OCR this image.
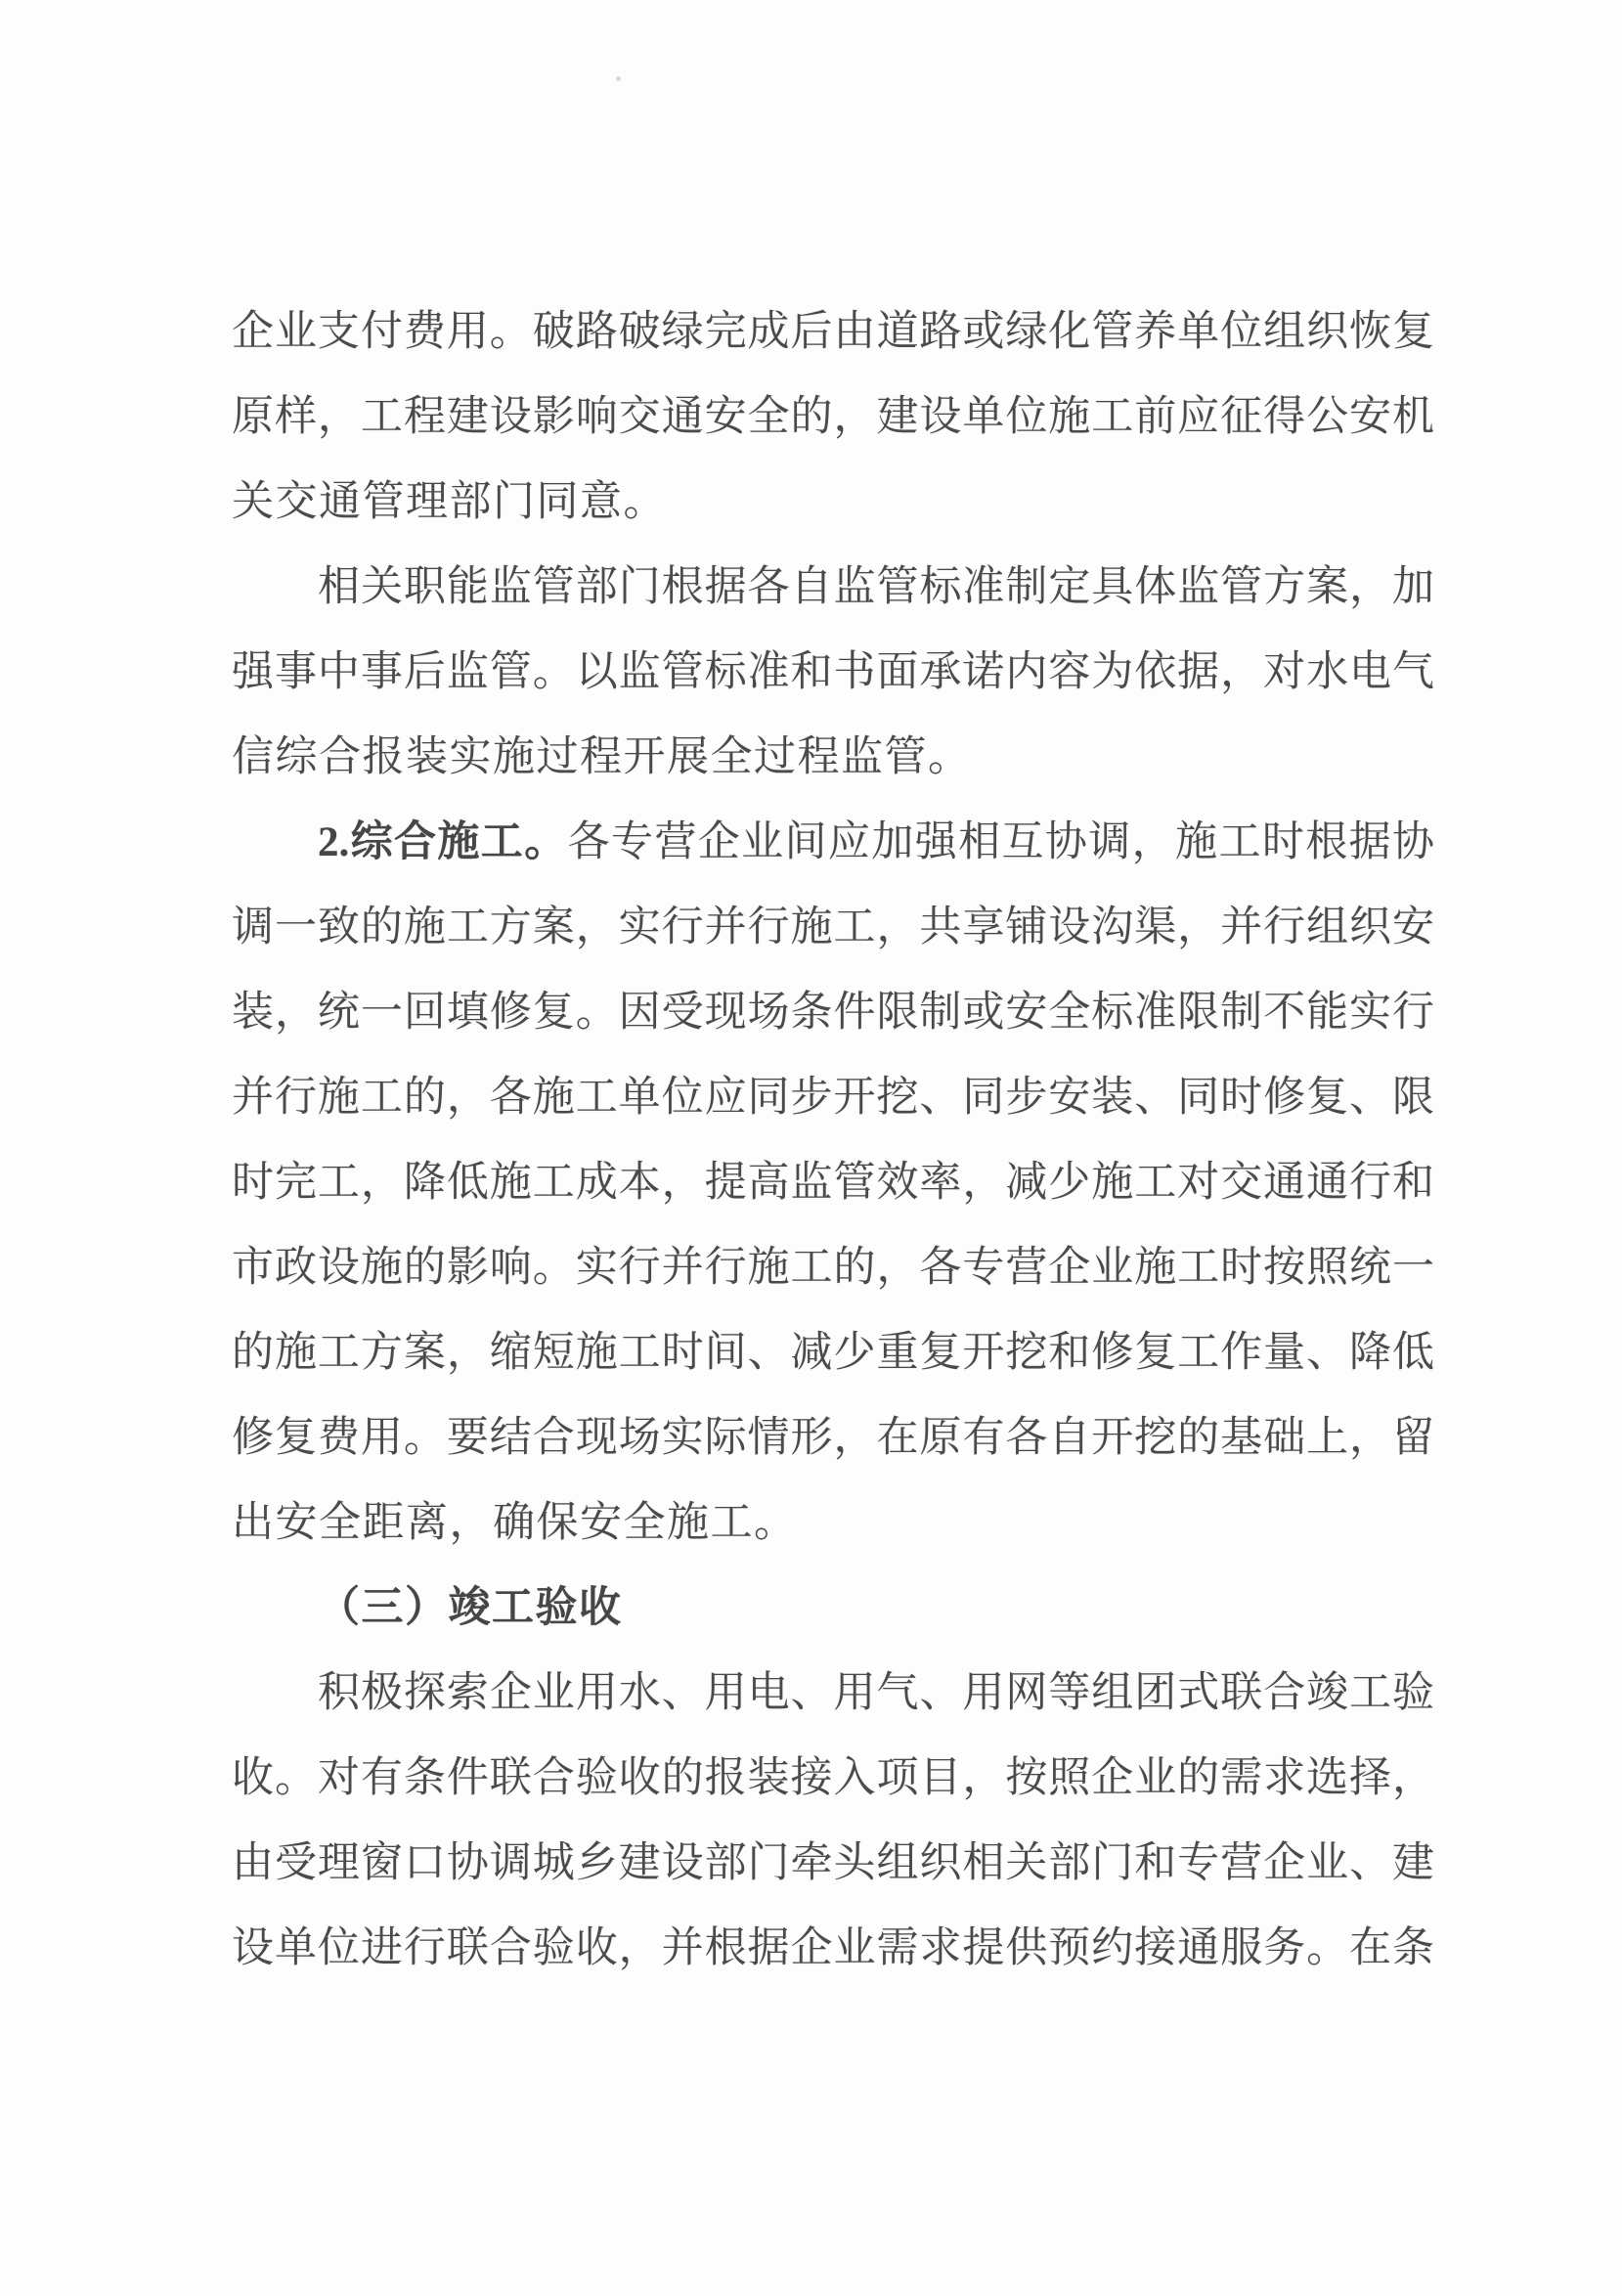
企业支付费用。破路破绿完成后由道路或绿化管养单位组织恢复
原样，工程建设影响交通安全的，建设单位施工前应征得公安机
关交通管理部门同意。
相关职能监管部门根据各自监管标准制定具体监管方案，加
强事中事后监管。以监管标准和书面承诺内容为依据，对水电气
信综合报装实施过程开展全过程监管。
2.综合施工。各专营企业间应加强相互协调，施工时根据协
调一致的施工方案，实行并行施工，共享铺设沟渠，并行组织安
装，统一回填修复。因受现场条件限制或安全标准限制不能实行
并行施工的，各施工单位应同步开挖、同步安装、同时修复、限
时完工，降低施工成本，提高监管效率，减少施工对交通通行和
市政设施的影响。实行并行施工的，各专营企业施工时按照统一
的施工方案，缩短施工时间、减少重复开挖和修复工作量、降低
修复费用。要结合现场实际情形，在原有各自开挖的基础上，留
出安全距离，确保安全施工。
（三）竣工验收
积极探索企业用水、用电、用气、用网等组团式联合竣工验
收。对有条件联合验收的报装接入项目，按照企业的需求选择，
由受理窗口协调城乡建设部门牵头组织相关部门和专营企业、建
设单位进行联合验收，并根据企业需求提供预约接通服务。在条
